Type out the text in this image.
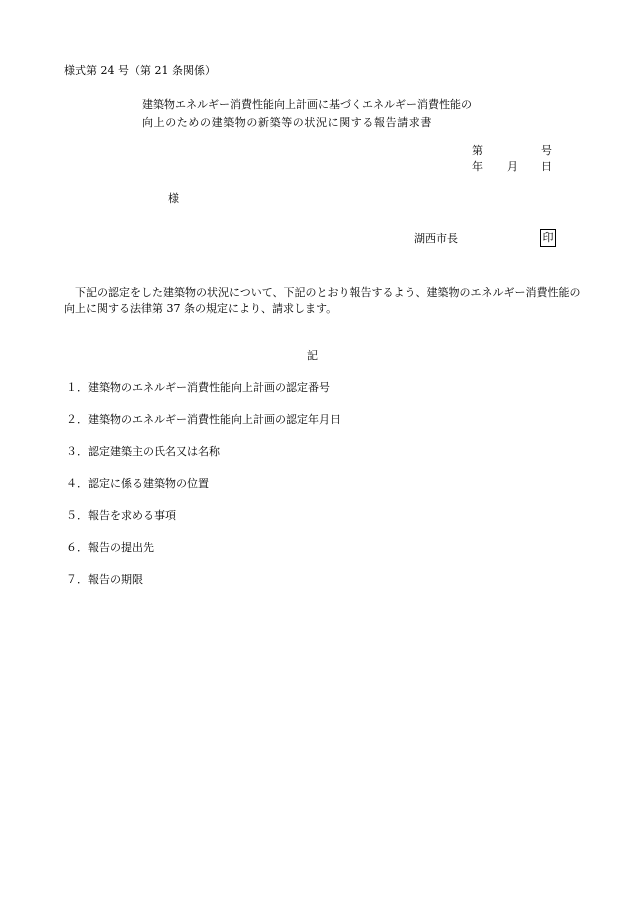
様式第 24 号（第 21 条関係）
建築物エネルギー消費性能向上計画に基づくエネルギー消費性能の
向上のための建築物の新築等の状況に関する報告請求書
第	号
年 月 日
様
湖西市長	印
下記の認定をした建築物の状況について、下記のとおり報告するよう、建築物のエネルギー消費性能の向上に関する法律第 37 条の規定により、請求します。
記
１．建築物のエネルギー消費性能向上計画の認定番号
２．建築物のエネルギー消費性能向上計画の認定年月日
３．認定建築主の氏名又は名称
４．認定に係る建築物の位置
５．報告を求める事項
６．報告の提出先
７．報告の期限
